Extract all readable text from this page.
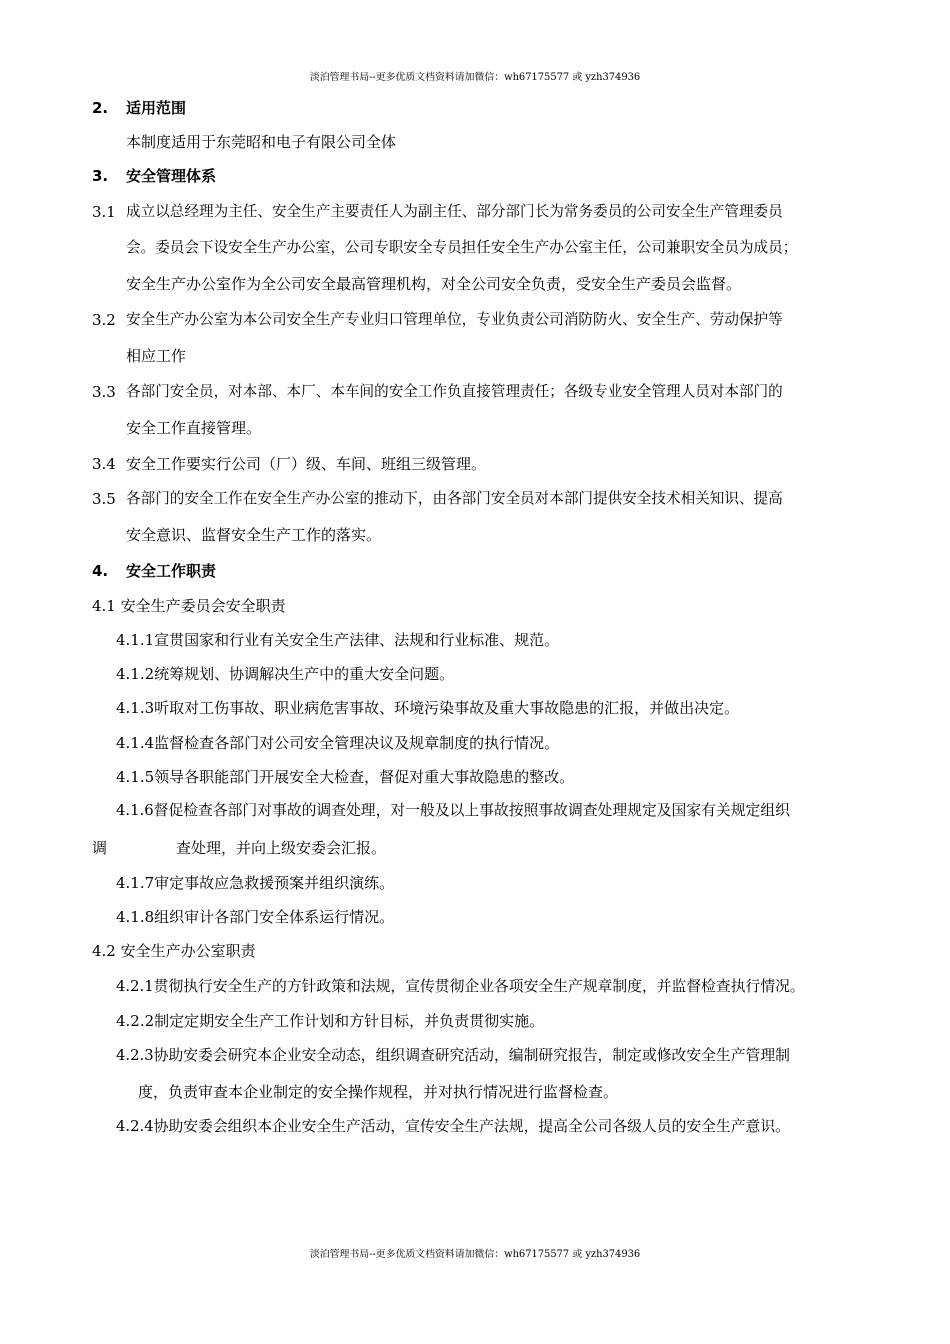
淡泊管理书局--更多优质文档资料请加微信：wh67175577 或 yzh374936
2. 适用范围
本制度适用于东莞昭和电子有限公司全体
3. 安全管理体系
3.1 成立以总经理为主任、安全生产主要责任人为副主任、部分部门长为常务委员的公司安全生产管理委员
会。委员会下设安全生产办公室，公司专职安全专员担任安全生产办公室主任，公司兼职安全员为成员；
安全生产办公室作为全公司安全最高管理机构，对全公司安全负责，受安全生产委员会监督。
3.2 安全生产办公室为本公司安全生产专业归口管理单位，专业负责公司消防防火、安全生产、劳动保护等
相应工作
3.3 各部门安全员，对本部、本厂、本车间的安全工作负直接管理责任；各级专业安全管理人员对本部门的
安全工作直接管理。
3.4 安全工作要实行公司（厂）级、车间、班组三级管理。
3.5 各部门的安全工作在安全生产办公室的推动下，由各部门安全员对本部门提供安全技术相关知识、提高
安全意识、监督安全生产工作的落实。
4. 安全工作职责
4.1 安全生产委员会安全职责
4.1.1宣贯国家和行业有关安全生产法律、法规和行业标准、规范。
4.1.2统筹规划、协调解决生产中的重大安全问题。
4.1.3听取对工伤事故、职业病危害事故、环境污染事故及重大事故隐患的汇报，并做出决定。
4.1.4监督检查各部门对公司安全管理决议及规章制度的执行情况。
4.1.5领导各职能部门开展安全大检查，督促对重大事故隐患的整改。
4.1.6督促检查各部门对事故的调查处理，对一般及以上事故按照事故调查处理规定及国家有关规定组织
调	查处理，并向上级安委会汇报。
4.1.7审定事故应急救援预案并组织演练。
4.1.8组织审计各部门安全体系运行情况。
4.2 安全生产办公室职责
4.2.1贯彻执行安全生产的方针政策和法规，宣传贯彻企业各项安全生产规章制度，并监督检查执行情况。
4.2.2制定定期安全生产工作计划和方针目标，并负责贯彻实施。
4.2.3协助安委会研究本企业安全动态，组织调查研究活动，编制研究报告，制定或修改安全生产管理制
度，负责审查本企业制定的安全操作规程，并对执行情况进行监督检查。
4.2.4协助安委会组织本企业安全生产活动，宣传安全生产法规，提高全公司各级人员的安全生产意识。
淡泊管理书局--更多优质文档资料请加微信：wh67175577 或 yzh374936
